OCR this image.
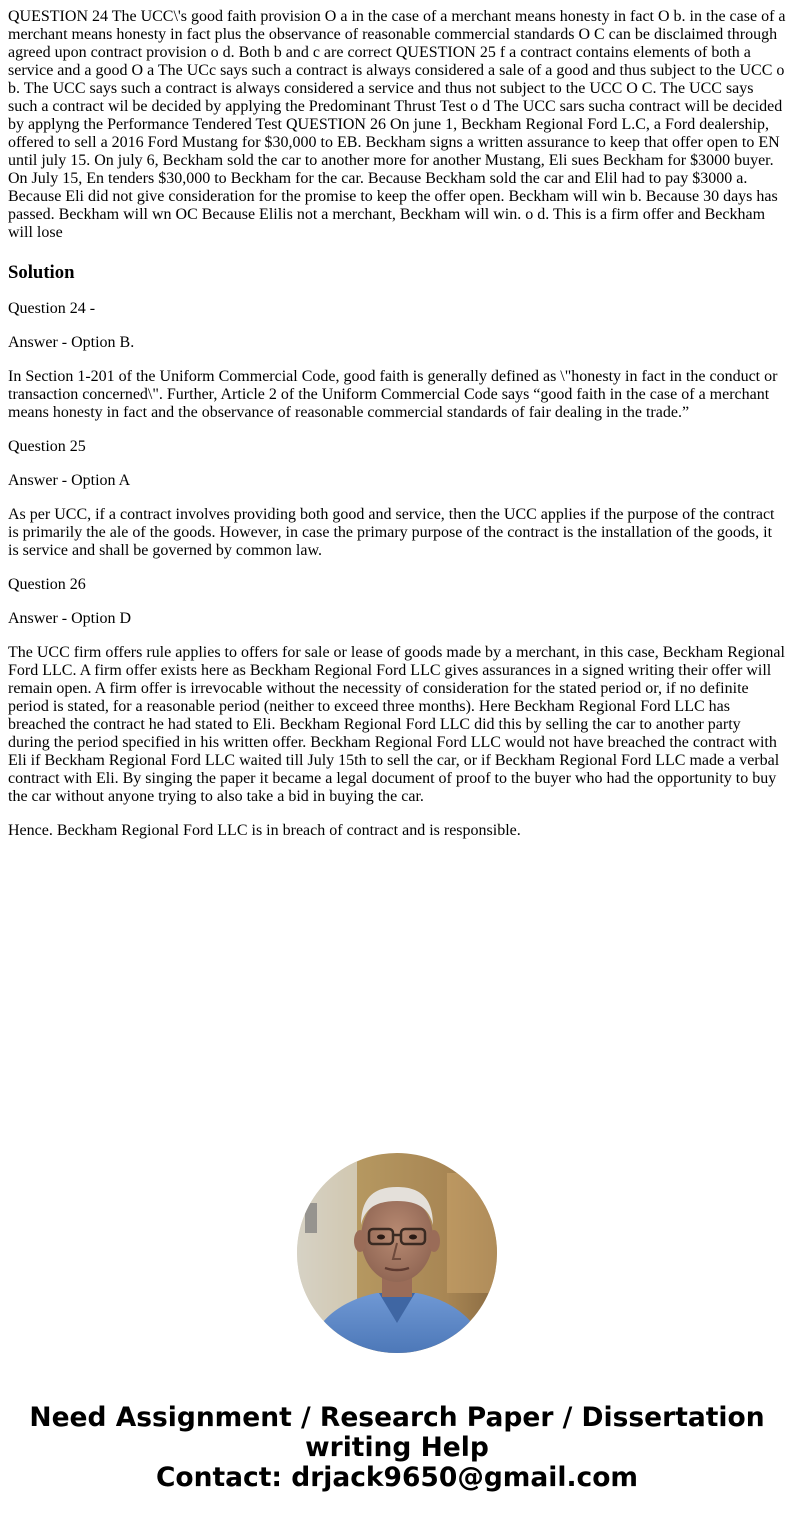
QUESTION 24 The UCC\'s good faith provision O a in the case of a merchant means honesty in fact O b. in the case of a merchant means honesty in fact plus the observance of reasonable commercial standards O C can be disclaimed through agreed upon contract provision o d. Both b and c are correct QUESTION 25 f a contract contains elements of both a service and a good O a The UCc says such a contract is always considered a sale of a good and thus subject to the UCC o b. The UCC says such a contract is always considered a service and thus not subject to the UCC O C. The UCC says such a contract wil be decided by applying the Predominant Thrust Test o d The UCC sars sucha contract will be decided by applyng the Performance Tendered Test QUESTION 26 On june 1, Beckham Regional Ford L.C, a Ford dealership, offered to sell a 2016 Ford Mustang for $30,000 to EB. Beckham signs a written assurance to keep that offer open to EN until july 15. On july 6, Beckham sold the car to another more for another Mustang, Eli sues Beckham for $3000 buyer. On July 15, En tenders $30,000 to Beckham for the car. Because Beckham sold the car and Elil had to pay $3000 a. Because Eli did not give consideration for the promise to keep the offer open. Beckham will win b. Because 30 days has passed. Beckham will wn OC Because Elilis not a merchant, Beckham will win. o d. This is a firm offer and Beckham will lose
Solution

Question 24 -

Answer - Option B.

In Section 1-201 of the Uniform Commercial Code, good faith is generally defined as \"honesty in fact in the conduct or transaction concerned\". Further, Article 2 of the Uniform Commercial Code says “good faith in the case of a merchant means honesty in fact and the observance of reasonable commercial standards of fair dealing in the trade.”

Question 25

Answer - Option A

As per UCC, if a contract involves providing both good and service, then the UCC applies if the purpose of the contract is primarily the ale of the goods. However, in case the primary purpose of the contract is the installation of the goods, it is service and shall be governed by common law.

Question 26

Answer - Option D

The UCC firm offers rule applies to offers for sale or lease of goods made by a merchant, in this case, Beckham Regional Ford LLC. A firm offer exists here as Beckham Regional Ford LLC gives assurances in a signed writing their offer will remain open. A firm offer is irrevocable without the necessity of consideration for the stated period or, if no definite period is stated, for a reasonable period (neither to exceed three months). Here Beckham Regional Ford LLC has breached the contract he had stated to Eli. Beckham Regional Ford LLC did this by selling the car to another party during the period specified in his written offer. Beckham Regional Ford LLC would not have breached the contract with Eli if Beckham Regional Ford LLC waited till July 15th to sell the car, or if Beckham Regional Ford LLC made a verbal contract with Eli. By singing the paper it became a legal document of proof to the buyer who had the opportunity to buy the car without anyone trying to also take a bid in buying the car.

Hence. Beckham Regional Ford LLC is in breach of contract and is responsible.

Need Assignment / Research Paper / Dissertation
writing Help
Contact: drjack9650@gmail.com
